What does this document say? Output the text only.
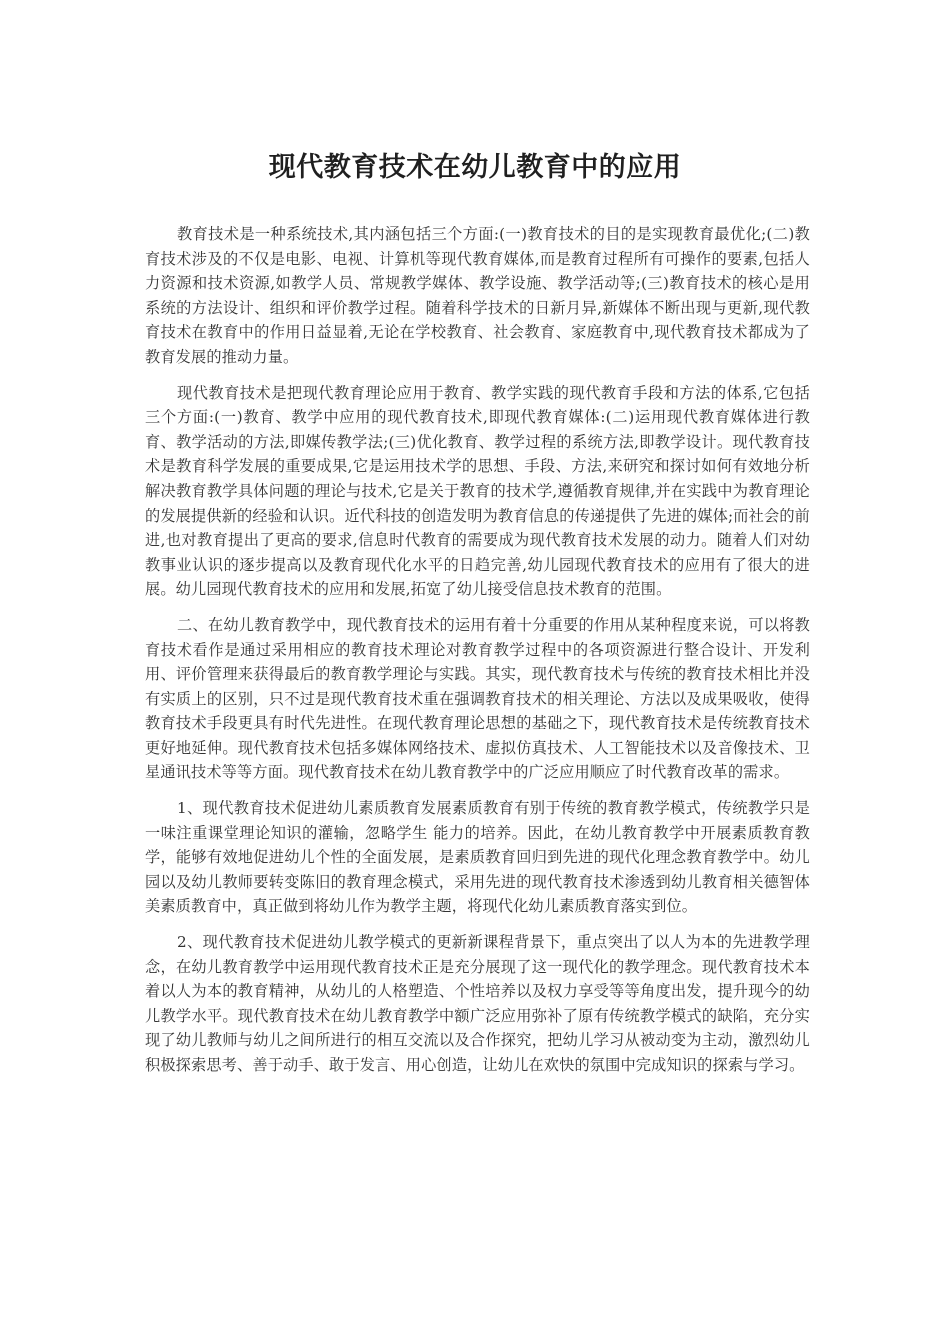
现代教育技术在幼儿教育中的应用

教育技术是一种系统技术,其内涵包括三个方面:(一)教育技术的目的是实现教育最优化;(二)教育技术涉及的不仅是电影、电视、计算机等现代教育媒体,而是教育过程所有可操作的要素,包括人力资源和技术资源,如教学人员、常规教学媒体、教学设施、教学活动等;(三)教育技术的核心是用系统的方法设计、组织和评价教学过程。随着科学技术的日新月异,新媒体不断出现与更新,现代教育技术在教育中的作用日益显着,无论在学校教育、社会教育、家庭教育中,现代教育技术都成为了教育发展的推动力量。

现代教育技术是把现代教育理论应用于教育、教学实践的现代教育手段和方法的体系,它包括三个方面:(一)教育、教学中应用的现代教育技术,即现代教育媒体:(二)运用现代教育媒体进行教育、教学活动的方法,即媒传教学法;(三)优化教育、教学过程的系统方法,即教学设计。现代教育技术是教育科学发展的重要成果,它是运用技术学的思想、手段、方法,来研究和探讨如何有效地分析解决教育教学具体问题的理论与技术,它是关于教育的技术学,遵循教育规律,并在实践中为教育理论的发展提供新的经验和认识。近代科技的创造发明为教育信息的传递提供了先进的媒体;而社会的前进,也对教育提出了更高的要求,信息时代教育的需要成为现代教育技术发展的动力。随着人们对幼教事业认识的逐步提高以及教育现代化水平的日趋完善,幼儿园现代教育技术的应用有了很大的进展。幼儿园现代教育技术的应用和发展,拓宽了幼儿接受信息技术教育的范围。

二、在幼儿教育教学中，现代教育技术的运用有着十分重要的作用从某种程度来说，可以将教育技术看作是通过采用相应的教育技术理论对教育教学过程中的各项资源进行整合设计、开发利用、评价管理来获得最后的教育教学理论与实践。其实，现代教育技术与传统的教育技术相比并没有实质上的区别，只不过是现代教育技术重在强调教育技术的相关理论、方法以及成果吸收，使得教育技术手段更具有时代先进性。在现代教育理论思想的基础之下，现代教育技术是传统教育技术更好地延伸。现代教育技术包括多媒体网络技术、虚拟仿真技术、人工智能技术以及音像技术、卫星通讯技术等等方面。现代教育技术在幼儿教育教学中的广泛应用顺应了时代教育改革的需求。

1、现代教育技术促进幼儿素质教育发展素质教育有别于传统的教育教学模式，传统教学只是一味注重课堂理论知识的灌输，忽略学生 能力的培养。因此，在幼儿教育教学中开展素质教育教学，能够有效地促进幼儿个性的全面发展，是素质教育回归到先进的现代化理念教育教学中。幼儿园以及幼儿教师要转变陈旧的教育理念模式，采用先进的现代教育技术渗透到幼儿教育相关德智体美素质教育中，真正做到将幼儿作为教学主题，将现代化幼儿素质教育落实到位。

2、现代教育技术促进幼儿教学模式的更新新课程背景下，重点突出了以人为本的先进教学理念，在幼儿教育教学中运用现代教育技术正是充分展现了这一现代化的教学理念。现代教育技术本着以人为本的教育精神，从幼儿的人格塑造、个性培养以及权力享受等等角度出发，提升现今的幼儿教学水平。现代教育技术在幼儿教育教学中额广泛应用弥补了原有传统教学模式的缺陷，充分实现了幼儿教师与幼儿之间所进行的相互交流以及合作探究，把幼儿学习从被动变为主动，激烈幼儿积极探索思考、善于动手、敢于发言、用心创造，让幼儿在欢快的氛围中完成知识的探索与学习。
